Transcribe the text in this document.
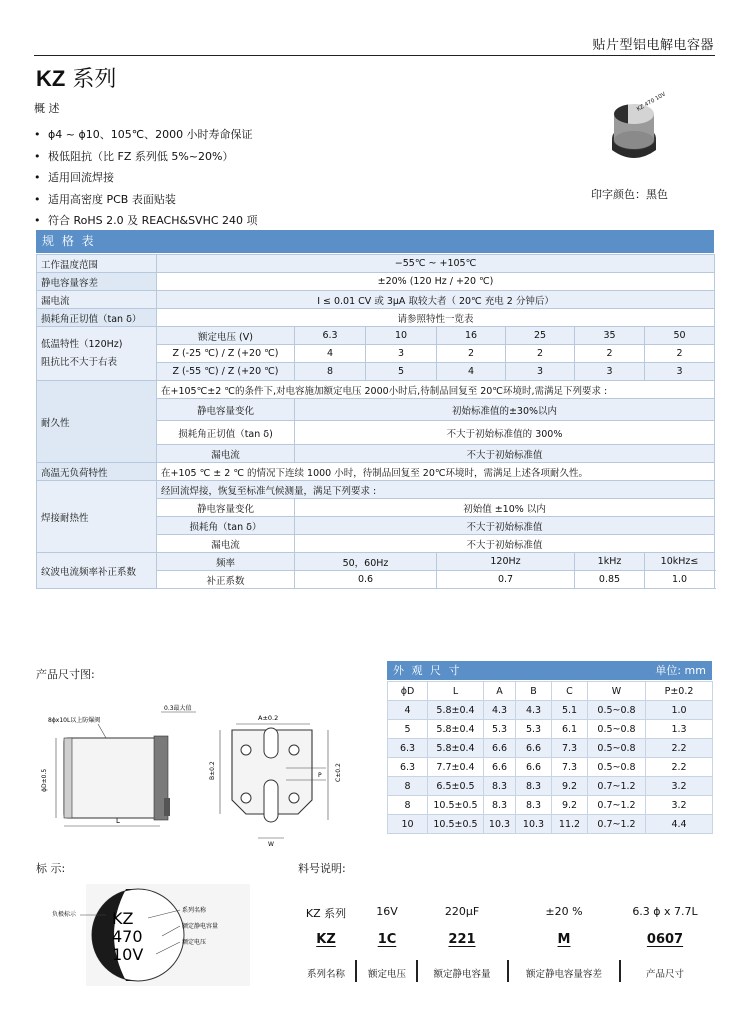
贴片型铝电解电容器
KZ 系列
概 述
• ϕ4 ~ ϕ10、105℃、2000 小时寿命保证
• 极低阻抗（比 FZ 系列低 5%~20%）
• 适用回流焊接
• 适用高密度 PCB 表面贴装
• 符合 RoHS 2.0 及 REACH&SVHC 240 项
KZ 470 10V
印字颜色：黑色
规 格 表
工作温度范围	−55℃ ~ +105℃						
静电容量容差	±20% (120 Hz / +20 ℃)						
漏电流	I ≤ 0.01 CV 或 3μA 取较大者（ 20℃ 充电 2 分钟后）						
损耗角正切值（tan δ）	请参照特性一览表						

低温特性（120Hz)
阻抗比不大于右表	额定电压 (V)	6.3	10	16	25	35	50
	Z (-25 ℃) / Z (+20 ℃)	4	3	2	2	2	2
	Z (-55 ℃) / Z (+20 ℃)	8	5	4	3	3	3
耐久性	在+105℃±2 ℃的条件下,对电容施加额定电压 2000小时后,待制品回复至 20℃环境时,需满足下列要求 :						
	静电容量变化	初始标准值的±30%以内					
	损耗角正切值（tan δ)	不大于初始标准值的 300%					
	漏电流	不大于初始标准值					
高温无负荷特性	在+105 ℃ ± 2 ℃ 的情况下连续 1000 小时，待制品回复至 20℃环境时，需满足上述各项耐久性。						
焊接耐热性	经回流焊接，恢复至标准气候测量，满足下列要求 :						
	静电容量变化	初始值 ±10% 以内					
	损耗角（tan δ）	不大于初始标准值					
	漏电流	不大于初始标准值					
纹波电流频率补正系数	频率	50，60Hz		120Hz		1kHz	10kHz≤
	补正系数	0.6		0.7		0.85	1.0
产品尺寸图:
0.3最大值
8ϕx10L以上防爆阀
ϕD±0.5
L
A±0.2
B±0.2	C±0.2
P
W
外 观 尺 寸	单位: mm
ϕD	L	A	B	C	W	P±0.2
4	5.8±0.4	4.3	4.3	5.1	0.5~0.8	1.0
5	5.8±0.4	5.3	5.3	6.1	0.5~0.8	1.3
6.3	5.8±0.4	6.6	6.6	7.3	0.5~0.8	2.2
6.3	7.7±0.4	6.6	6.6	7.3	0.5~0.8	2.2
8	6.5±0.5	8.3	8.3	9.2	0.7~1.2	3.2
8	10.5±0.5	8.3	8.3	9.2	0.7~1.2	3.2
10	10.5±0.5	10.3	10.3	11.2	0.7~1.2	4.4
标 示:
KZ
470
10V
负极标示
系列名称
额定静电容量
额定电压
料号说明:
KZ 系列	16V	220μF	±20 %	6.3 ϕ x 7.7L
KZ	1C	221	M	0607
系列名称	额定电压	额定静电容量	额定静电容量容差	产品尺寸
